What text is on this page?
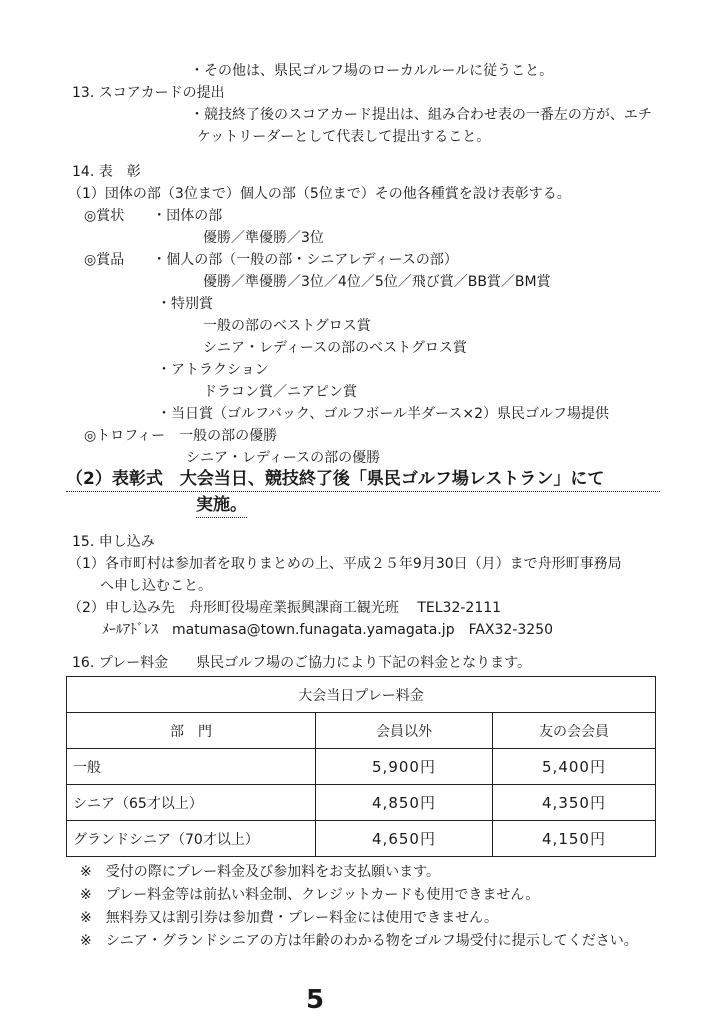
・その他は、県民ゴルフ場のローカルルールに従うこと。
13. スコアカードの提出
・競技終了後のスコアカード提出は、組み合わせ表の一番左の方が、エチ
ケットリーダーとして代表して提出すること。
14. 表　彰
（1）団体の部（3位まで）個人の部（5位まで）その他各種賞を設け表彰する。
◎賞状　　・団体の部
優勝／準優勝／3位
◎賞品　　・個人の部（一般の部・シニアレディースの部）
優勝／準優勝／3位／4位／5位／飛び賞／BB賞／BM賞
・特別賞
一般の部のベストグロス賞
シニア・レディースの部のベストグロス賞
・アトラクション
ドラコン賞／ニアピン賞
・当日賞（ゴルフバック、ゴルフボール半ダース×2）県民ゴルフ場提供
◎トロフィー　一般の部の優勝
シニア・レディースの部の優勝
（2）表彰式　大会当日、競技終了後「県民ゴルフ場レストラン」にて
実施。
15. 申し込み
（1）各市町村は参加者を取りまとめの上、平成２５年9月30日（月）まで舟形町事務局
へ申し込むこと。
（2）申し込み先　舟形町役場産業振興課商工観光班　 TEL32-2111
ﾒｰﾙｱﾄﾞﾚｽ　matumasa@town.funagata.yamagata.jp　FAX32-3250
16. プレー料金　　県民ゴルフ場のご協力により下記の料金となります。
大会当日プレー料金		
部　門	会員以外	友の会会員
一般	5,900円	5,400円
シニア（65才以上）	4,850円	4,350円
グランドシニア（70才以上）	4,650円	4,150円
※　受付の際にプレー料金及び参加料をお支払願います。
※　プレー料金等は前払い料金制、クレジットカードも使用できません。
※　無料券又は割引券は参加費・プレー料金には使用できません。
※　シニア・グランドシニアの方は年齢のわかる物をゴルフ場受付に提示してください。
5
